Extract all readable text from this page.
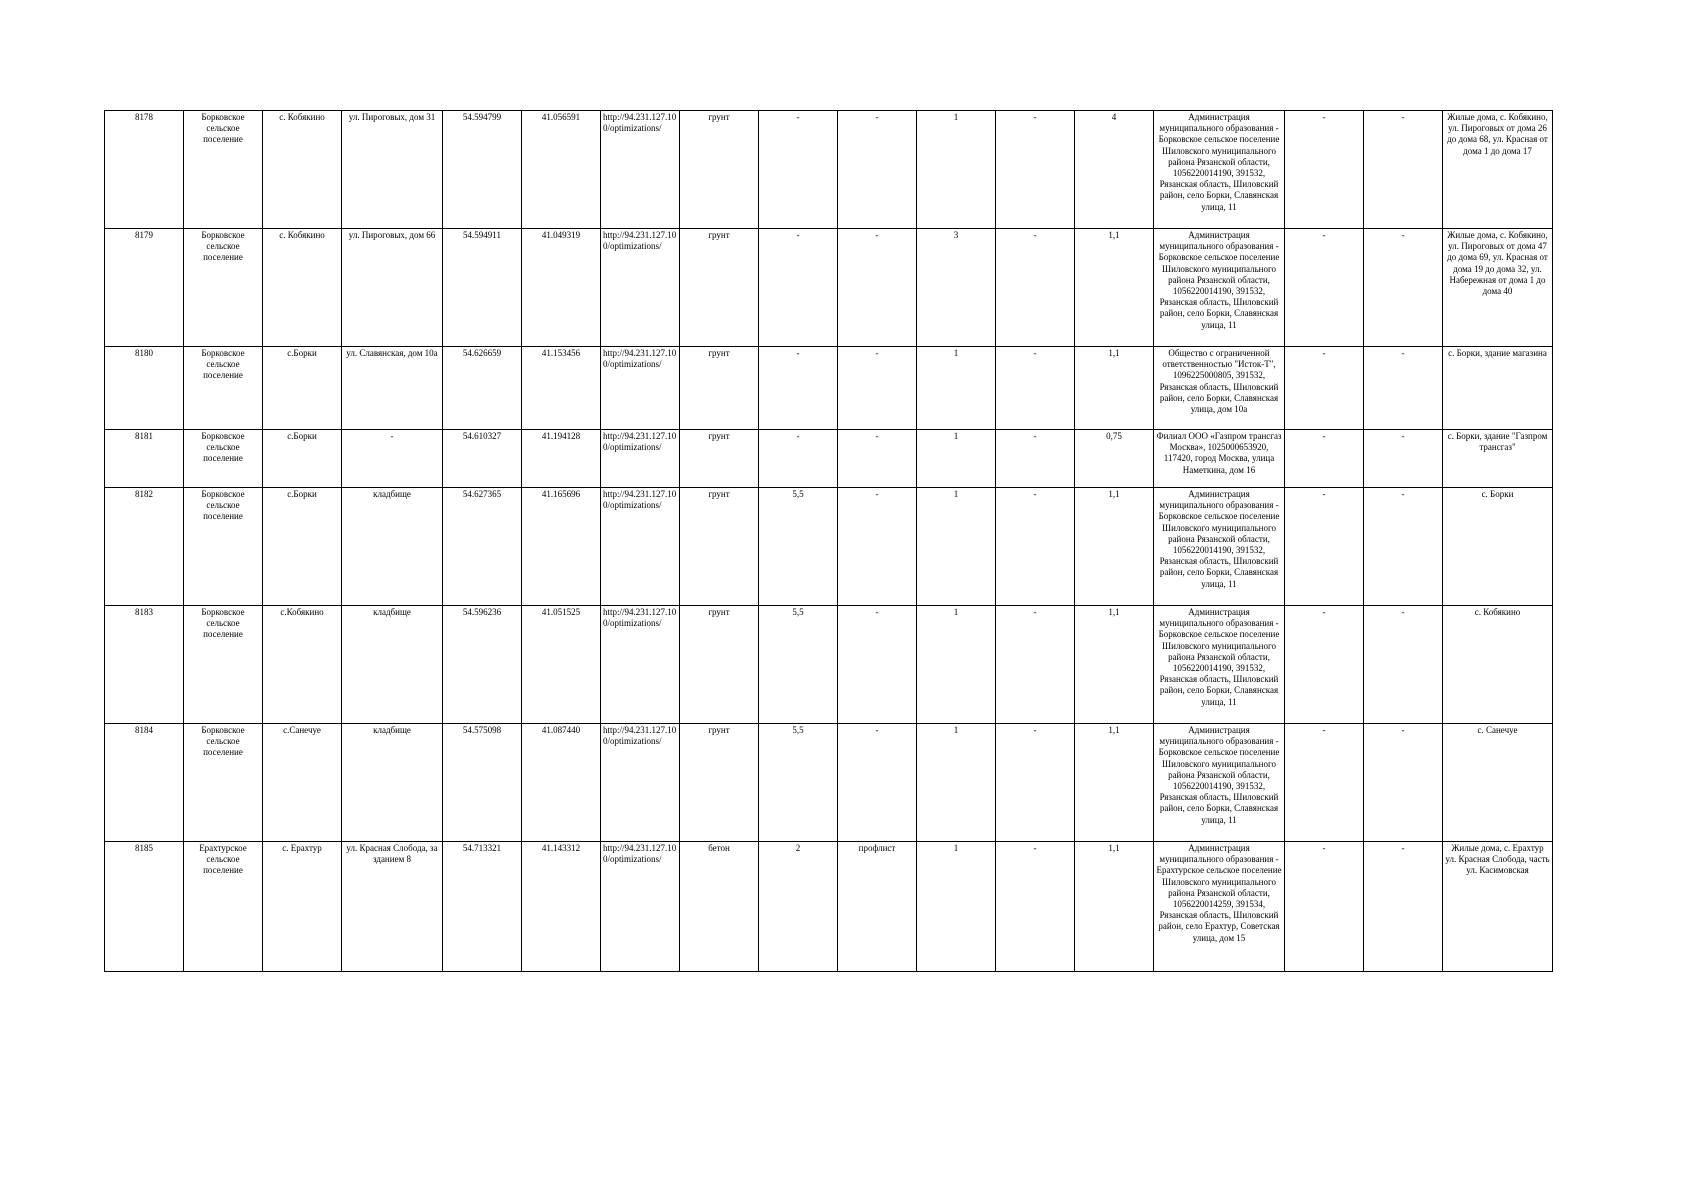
8178	Борковское сельское поселение	с. Кобякино	ул. Пироговых, дом 31	54.594799	41.056591	http://94.231.127.100/optimizations/	грунт	-	-	1	-	4	Администрация муниципального образования - Борковское сельское поселение Шиловского муниципального района Рязанской области, 1056220014190, 391532, Рязанская область, Шиловский район, село Борки, Славянская улица, 11	-	-	Жилые дома, с. Кобякино, ул. Пироговых от дома 26 до дома 68, ул. Красная от дома 1 до дома 17
8179	Борковское сельское поселение	с. Кобякино	ул. Пироговых, дом 66	54.594911	41.049319	http://94.231.127.100/optimizations/	грунт	-	-	3	-	1,1	Администрация муниципального образования - Борковское сельское поселение Шиловского муниципального района Рязанской области, 1056220014190, 391532, Рязанская область, Шиловский район, село Борки, Славянская улица, 11	-	-	Жилые дома, с. Кобякино, ул. Пироговых от дома 47 до дома 69, ул. Красная от дома 19 до дома 32, ул. Набережная от дома 1 до дома 40
8180	Борковское сельское поселение	с.Борки	ул. Славянская, дом 10а	54.626659	41.153456	http://94.231.127.100/optimizations/	грунт	-	-	1	-	1,1	Общество с ограниченной ответственностью "Исток-Т", 1096225000805, 391532, Рязанская область, Шиловский район, село Борки, Славянская улица, дом 10а	-	-	с. Борки, здание магазина
8181	Борковское сельское поселение	с.Борки	-	54.610327	41.194128	http://94.231.127.100/optimizations/	грунт	-	-	1	-	0,75	Филиал ООО «Газпром трансгаз Москва», 1025000653920, 117420, город Москва, улица Наметкина, дом 16	-	-	с. Борки, здание "Газпром трансгаз"
8182	Борковское сельское поселение	с.Борки	кладбище	54.627365	41.165696	http://94.231.127.100/optimizations/	грунт	5,5	-	1	-	1,1	Администрация муниципального образования - Борковское сельское поселение Шиловского муниципального района Рязанской области, 1056220014190, 391532, Рязанская область, Шиловский район, село Борки, Славянская улица, 11	-	-	с. Борки
8183	Борковское сельское поселение	с.Кобякино	кладбище	54.596236	41.051525	http://94.231.127.100/optimizations/	грунт	5,5	-	1	-	1,1	Администрация муниципального образования - Борковское сельское поселение Шиловского муниципального района Рязанской области, 1056220014190, 391532, Рязанская область, Шиловский район, село Борки, Славянская улица, 11	-	-	с. Кобякино
8184	Борковское сельское поселение	с.Санечуе	кладбище	54.575098	41.087440	http://94.231.127.100/optimizations/	грунт	5,5	-	1	-	1,1	Администрация муниципального образования - Борковское сельское поселение Шиловского муниципального района Рязанской области, 1056220014190, 391532, Рязанская область, Шиловский район, село Борки, Славянская улица, 11	-	-	с. Санечуе
8185	Ерахтурское сельское поселение	с. Ерахтур	ул. Красная Слобода, за зданием 8	54.713321	41.143312	http://94.231.127.100/optimizations/	бетон	2	профлист	1	-	1,1	Администрация муниципального образования - Ерахтурское сельское поселение Шиловского муниципального района Рязанской области, 1056220014259, 391534, Рязанская область, Шиловский район, село Ерахтур, Советская улица, дом 15	-	-	Жилые дома, с. Ерахтур ул. Красная Слобода, часть ул. Касимовская
